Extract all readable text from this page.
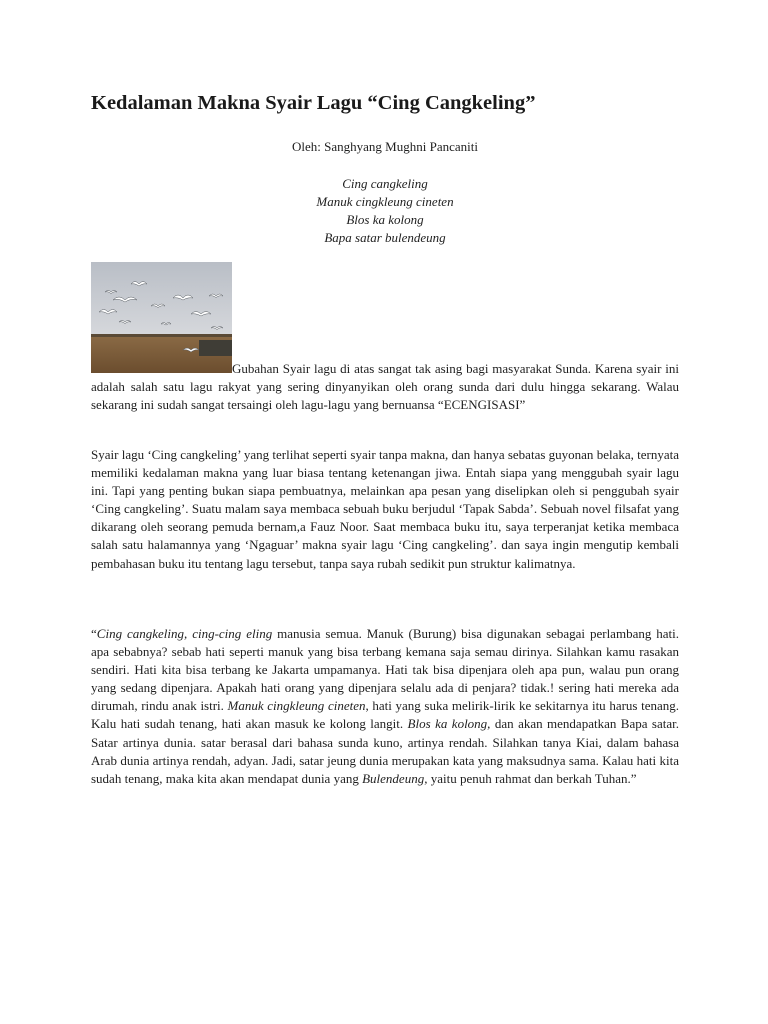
Kedalaman Makna Syair Lagu “Cing Cangkeling”

Oleh: Sanghyang Mughni Pancaniti

Cing cangkeling
Manuk cingkleung cineten
Blos ka kolong
Bapa satar bulendeung

Gubahan Syair lagu di atas sangat tak asing bagi masyarakat Sunda. Karena syair ini adalah salah satu lagu rakyat yang sering dinyanyikan oleh orang sunda dari dulu hingga sekarang. Walau sekarang ini sudah sangat tersaingi oleh lagu-lagu yang bernuansa “ECENGISASI”

Syair lagu ‘Cing cangkeling’ yang terlihat seperti syair tanpa makna, dan hanya sebatas guyonan belaka, ternyata memiliki kedalaman makna yang luar biasa tentang ketenangan jiwa. Entah siapa yang menggubah syair lagu ini. Tapi yang penting bukan siapa pembuatnya, melainkan apa pesan yang diselipkan oleh si penggubah syair ‘Cing cangkeling’. Suatu malam saya membaca sebuah buku berjudul ‘Tapak Sabda’. Sebuah novel filsafat yang dikarang oleh seorang pemuda bernam,a Fauz Noor. Saat membaca buku itu, saya terperanjat ketika membaca salah satu halamannya yang ‘Ngaguar’ makna syair lagu ‘Cing cangkeling’. dan saya ingin mengutip kembali pembahasan buku itu tentang lagu tersebut, tanpa saya rubah sedikit pun struktur kalimatnya.

“Cing cangkeling, cing-cing eling manusia semua. Manuk (Burung) bisa digunakan sebagai perlambang hati. apa sebabnya? sebab hati seperti manuk yang bisa terbang kemana saja semau dirinya. Silahkan kamu rasakan sendiri. Hati kita bisa terbang ke Jakarta umpamanya. Hati tak bisa dipenjara oleh apa pun, walau pun orang yang sedang dipenjara. Apakah hati orang yang dipenjara selalu ada di penjara? tidak.! sering hati mereka ada dirumah, rindu anak istri. Manuk cingkleung cineten, hati yang suka melirik-lirik ke sekitarnya itu harus tenang. Kalu hati sudah tenang, hati akan masuk ke kolong langit. Blos ka kolong, dan akan mendapatkan Bapa satar. Satar artinya dunia. satar berasal dari bahasa sunda kuno, artinya rendah. Silahkan tanya Kiai, dalam bahasa Arab dunia artinya rendah, adyan. Jadi, satar jeung dunia merupakan kata yang maksudnya sama. Kalau hati kita sudah tenang, maka kita akan mendapat dunia yang Bulendeung, yaitu penuh rahmat dan berkah Tuhan.”
